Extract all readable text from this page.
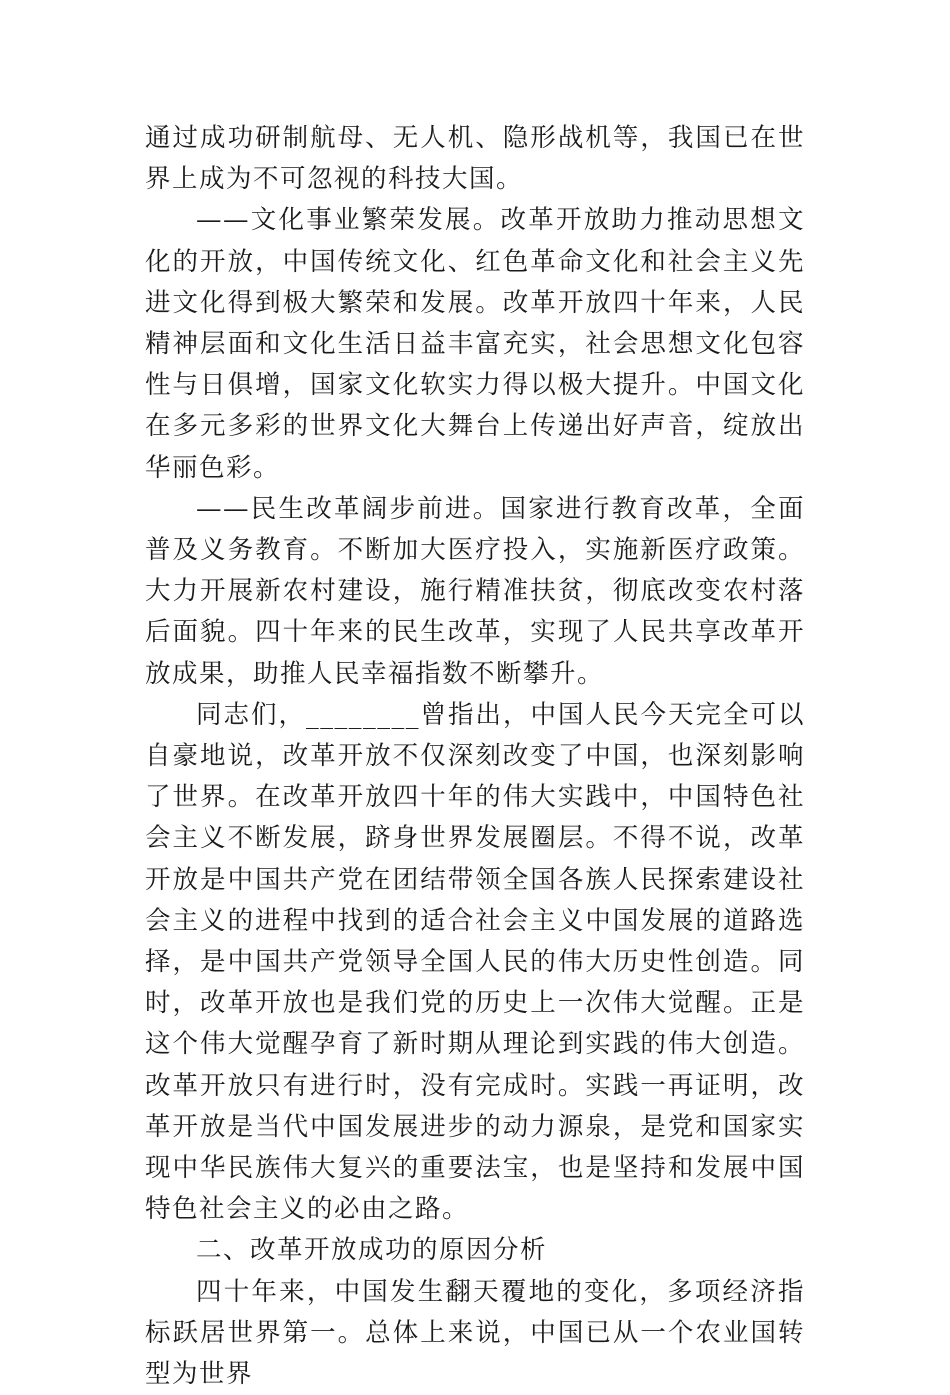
通过成功研制航母、无人机、隐形战机等，我国已在世界上成为不可忽视的科技大国。

——文化事业繁荣发展。改革开放助力推动思想文化的开放，中国传统文化、红色革命文化和社会主义先进文化得到极大繁荣和发展。改革开放四十年来，人民精神层面和文化生活日益丰富充实，社会思想文化包容性与日俱增，国家文化软实力得以极大提升。中国文化在多元多彩的世界文化大舞台上传递出好声音，绽放出华丽色彩。

——民生改革阔步前进。国家进行教育改革，全面普及义务教育。不断加大医疗投入，实施新医疗政策。大力开展新农村建设，施行精准扶贫，彻底改变农村落后面貌。四十年来的民生改革，实现了人民共享改革开放成果，助推人民幸福指数不断攀升。

同志们，________曾指出，中国人民今天完全可以自豪地说，改革开放不仅深刻改变了中国，也深刻影响了世界。在改革开放四十年的伟大实践中，中国特色社会主义不断发展，跻身世界发展圈层。不得不说，改革开放是中国共产党在团结带领全国各族人民探索建设社会主义的进程中找到的适合社会主义中国发展的道路选择，是中国共产党领导全国人民的伟大历史性创造。同时，改革开放也是我们党的历史上一次伟大觉醒。正是这个伟大觉醒孕育了新时期从理论到实践的伟大创造。改革开放只有进行时，没有完成时。实践一再证明，改革开放是当代中国发展进步的动力源泉，是党和国家实现中华民族伟大复兴的重要法宝，也是坚持和发展中国特色社会主义的必由之路。

二、改革开放成功的原因分析

四十年来，中国发生翻天覆地的变化，多项经济指标跃居世界第一。总体上来说，中国已从一个农业国转型为世界
